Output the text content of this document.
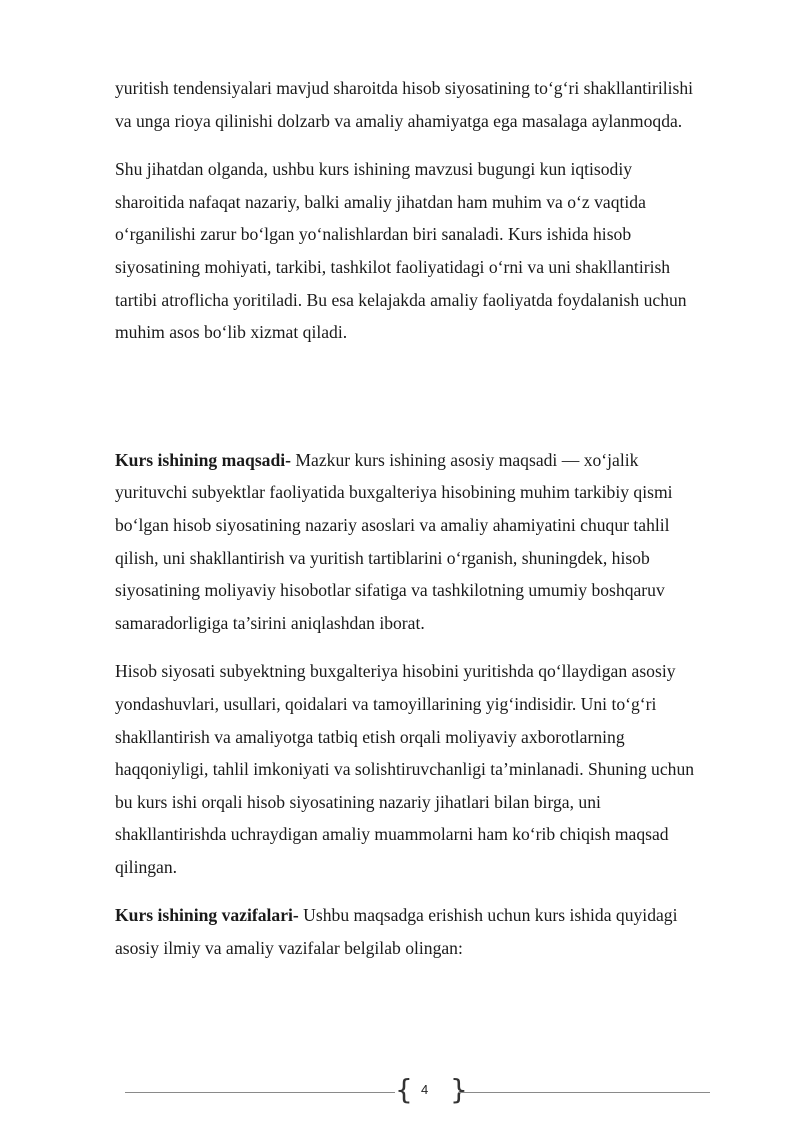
yuritish tendensiyalari mavjud sharoitda hisob siyosatining to‘g‘ri shakllantirilishi
va unga rioya qilinishi dolzarb va amaliy ahamiyatga ega masalaga aylanmoqda.
Shu jihatdan olganda, ushbu kurs ishining mavzusi bugungi kun iqtisodiy
sharoitida nafaqat nazariy, balki amaliy jihatdan ham muhim va o‘z vaqtida
o‘rganilishi zarur bo‘lgan yo‘nalishlardan biri sanaladi. Kurs ishida hisob
siyosatining mohiyati, tarkibi, tashkilot faoliyatidagi o‘rni va uni shakllantirish
tartibi atroflicha yoritiladi. Bu esa kelajakda amaliy faoliyatda foydalanish uchun
muhim asos bo‘lib xizmat qiladi.
Kurs ishining maqsadi- Mazkur kurs ishining asosiy maqsadi — xo‘jalik
yurituvchi subyektlar faoliyatida buxgalteriya hisobining muhim tarkibiy qismi
bo‘lgan hisob siyosatining nazariy asoslari va amaliy ahamiyatini chuqur tahlil
qilish, uni shakllantirish va yuritish tartiblarini o‘rganish, shuningdek, hisob
siyosatining moliyaviy hisobotlar sifatiga va tashkilotning umumiy boshqaruv
samaradorligiga ta’sirini aniqlashdan iborat.
Hisob siyosati subyektning buxgalteriya hisobini yuritishda qo‘llaydigan asosiy
yondashuvlari, usullari, qoidalari va tamoyillarining yig‘indisidir. Uni to‘g‘ri
shakllantirish va amaliyotga tatbiq etish orqali moliyaviy axborotlarning
haqqoniyligi, tahlil imkoniyati va solishtiruvchanligi ta’minlanadi. Shuning uchun
bu kurs ishi orqali hisob siyosatining nazariy jihatlari bilan birga, uni
shakllantirishda uchraydigan amaliy muammolarni ham ko‘rib chiqish maqsad
qilingan.
Kurs ishining vazifalari- Ushbu maqsadga erishish uchun kurs ishida quyidagi
asosiy ilmiy va amaliy vazifalar belgilab olingan:
{ 4 }
